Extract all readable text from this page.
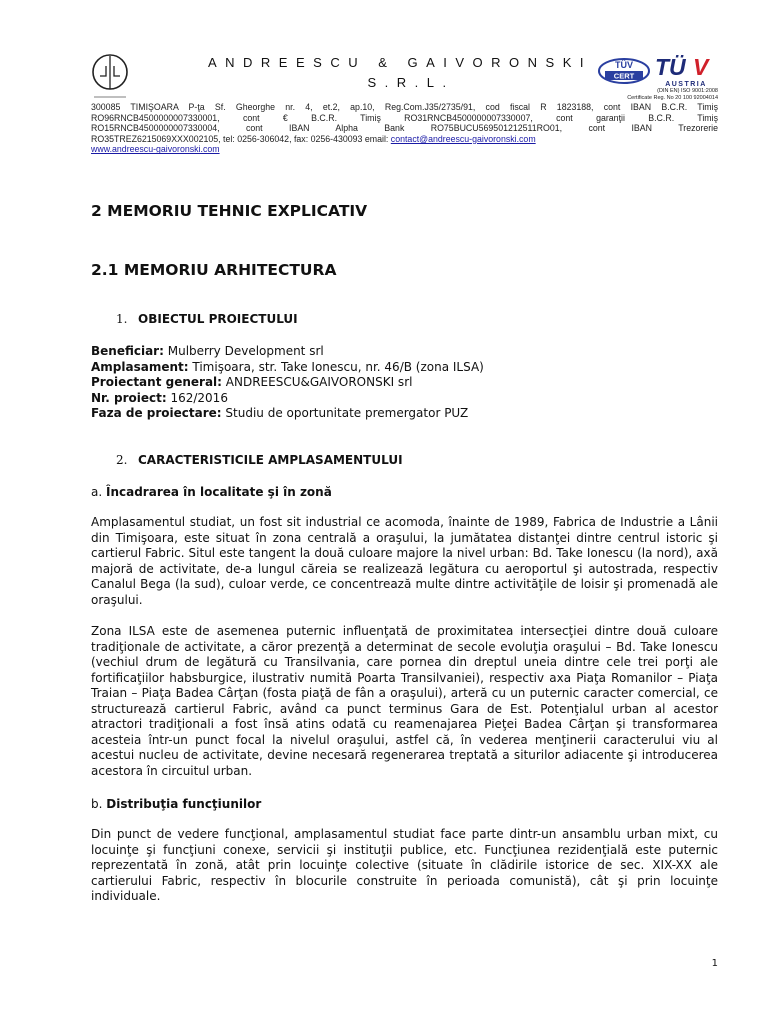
ANDREESCU & GAIVORONSKI
S.R.L.
TÜV
CERT TÜ V
AUSTRIA
(DIN EN) ISO 9001:2008
Certificate Reg. No 20 100 92004014
300085 TIMIŞOARA P-ţa Sf. Gheorghe nr. 4, et.2, ap.10, Reg.Com.J35/2735/91, cod fiscal R 1823188, cont IBAN B.C.R. Timiş
RO96RNCB4500000007330001, cont € B.C.R. Timiş RO31RNCB4500000007330007, cont garanţii B.C.R. Timiş
RO15RNCB4500000007330004, cont IBAN Alpha Bank RO75BUCU569501212511RO01, cont IBAN Trezorerie
RO35TREZ6215069XXX002105, tel: 0256-306042, fax: 0256-430093 email: contact@andreescu-gaivoronski.com
www.andreescu-gaivoronski.com
2 MEMORIU TEHNIC EXPLICATIV
2.1 MEMORIU ARHITECTURA
1. OBIECTUL PROIECTULUI
Beneficiar: Mulberry Development srl
Amplasament: Timişoara, str. Take Ionescu, nr. 46/B (zona ILSA)
Proiectant general: ANDREESCU&GAIVORONSKI srl
Nr. proiect: 162/2016
Faza de proiectare: Studiu de oportunitate premergator PUZ
2. CARACTERISTICILE AMPLASAMENTULUI
a. Încadrarea în localitate şi în zonă
Amplasamentul studiat, un fost sit industrial ce acomoda, înainte de 1989, Fabrica de Industrie a Lânii din Timişoara, este situat în zona centrală a oraşului, la jumătatea distanţei dintre centrul istoric şi cartierul Fabric. Situl este tangent la două culoare majore la nivel urban: Bd. Take Ionescu (la nord), axă majoră de activitate, de-a lungul căreia se realizează legătura cu aeroportul şi autostrada, respectiv Canalul Bega (la sud), culoar verde, ce concentrează multe dintre activităţile de loisir şi promenadă ale oraşului.
Zona ILSA este de asemenea puternic influenţată de proximitatea intersecţiei dintre două culoare tradiţionale de activitate, a căror prezenţă a determinat de secole evoluţia oraşului – Bd. Take Ionescu (vechiul drum de legătură cu Transilvania, care pornea din dreptul uneia dintre cele trei porţi ale fortificaţiilor habsburgice, ilustrativ numită Poarta Transilvaniei), respectiv axa Piaţa Romanilor – Piaţa Traian – Piaţa Badea Cârţan (fosta piaţă de fân a oraşului), arteră cu un puternic caracter comercial, ce structurează cartierul Fabric, având ca punct terminus Gara de Est. Potenţialul urban al acestor atractori tradiţionali a fost însă atins odată cu reamenajarea Pieţei Badea Cârţan şi transformarea acesteia într-un punct focal la nivelul oraşului, astfel că, în vederea menţinerii caracterului viu al acestui nucleu de activitate, devine necesară regenerarea treptată a siturilor adiacente şi introducerea acestora în circuitul urban.
b. Distribuţia funcţiunilor
Din punct de vedere funcţional, amplasamentul studiat face parte dintr-un ansamblu urban mixt, cu locuinţe şi funcţiuni conexe, servicii şi instituţii publice, etc. Funcţiunea rezidenţială este puternic reprezentată în zonă, atât prin locuinţe colective (situate în clădirile istorice de sec. XIX-XX ale cartierului Fabric, respectiv în blocurile construite în perioada comunistă), cât şi prin locuinţe individuale.
1
